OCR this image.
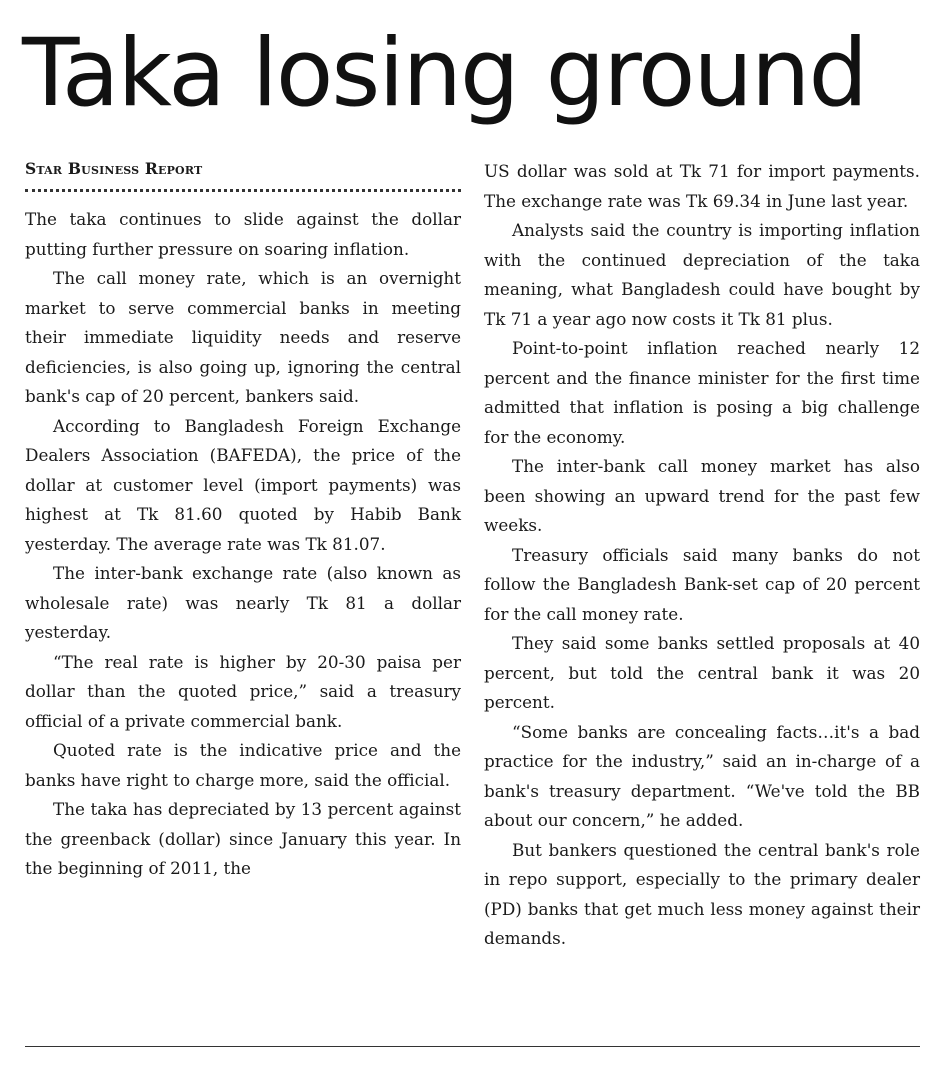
Taka losing ground
Star Business Report

The taka continues to slide against the dollar putting further pressure on soaring inflation.

The call money rate, which is an overnight market to serve commercial banks in meeting their immediate liquidity needs and reserve deficiencies, is also going up, ignoring the central bank's cap of 20 percent, bankers said.

According to Bangladesh Foreign Exchange Dealers Association (BAFEDA), the price of the dollar at customer level (import payments) was highest at Tk 81.60 quoted by Habib Bank yesterday. The average rate was Tk 81.07.

The inter-bank exchange rate (also known as wholesale rate) was nearly Tk 81 a dollar yesterday.

“The real rate is higher by 20-30 paisa per dollar than the quoted price,” said a treasury official of a private commercial bank.

Quoted rate is the indicative price and the banks have right to charge more, said the official.

The taka has depreciated by 13 percent against the greenback (dollar) since January this year. In the beginning of 2011, the

US dollar was sold at Tk 71 for import payments. The exchange rate was Tk 69.34 in June last year.

Analysts said the country is importing inflation with the continued depreciation of the taka meaning, what Bangladesh could have bought by Tk 71 a year ago now costs it Tk 81 plus.

Point-to-point inflation reached nearly 12 percent and the finance minister for the first time admitted that inflation is posing a big challenge for the economy.

The inter-bank call money market has also been showing an upward trend for the past few weeks.

Treasury officials said many banks do not follow the Bangladesh Bank-set cap of 20 percent for the call money rate.

They said some banks settled proposals at 40 percent, but told the central bank it was 20 percent.

“Some banks are concealing facts…it's a bad practice for the industry,” said an in-charge of a bank's treasury department. “We've told the BB about our concern,” he added.

But bankers questioned the central bank's role in repo support, especially to the primary dealer (PD) banks that get much less money against their demands.
